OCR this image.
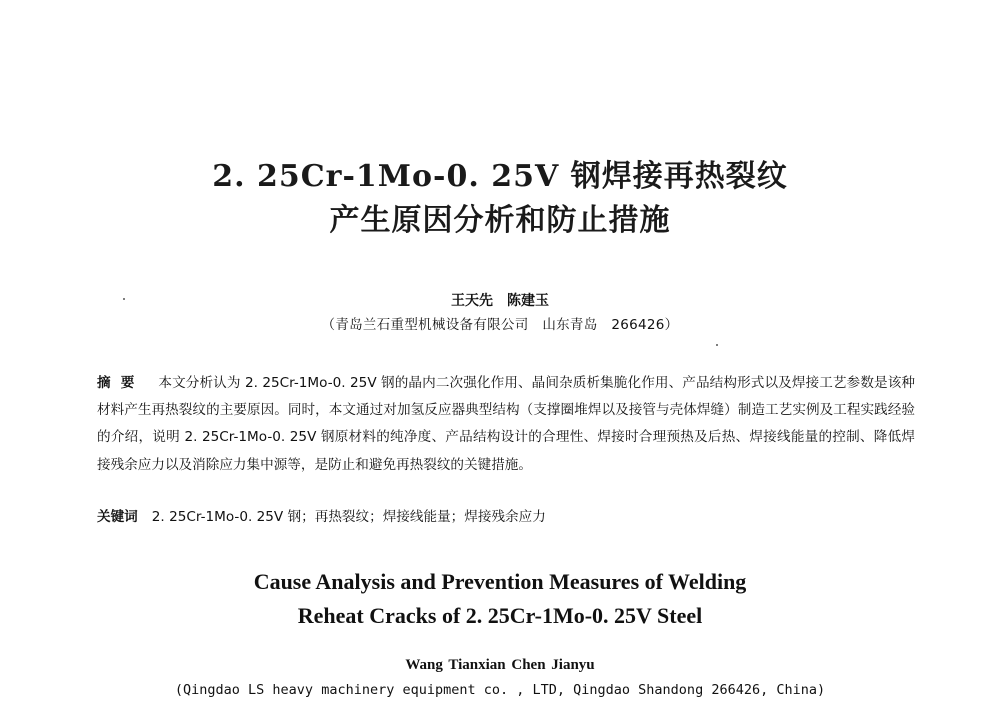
2. 25Cr-1Mo-0. 25V 钢焊接再热裂纹
产生原因分析和防止措施
王天先　陈建玉
（青岛兰石重型机械设备有限公司　山东青岛　266426）
摘要 本文分析认为 2. 25Cr-1Mo-0. 25V 钢的晶内二次强化作用、晶间杂质析集脆化作用、产品结构形式以及焊接工艺参数是该种材料产生再热裂纹的主要原因。同时，本文通过对加氢反应器典型结构（支撑圈堆焊以及接管与壳体焊缝）制造工艺实例及工程实践经验的介绍，说明 2. 25Cr-1Mo-0. 25V 钢原材料的纯净度、产品结构设计的合理性、焊接时合理预热及后热、焊接线能量的控制、降低焊接残余应力以及消除应力集中源等，是防止和避免再热裂纹的关键措施。
关键词 2. 25Cr-1Mo-0. 25V 钢；再热裂纹；焊接线能量；焊接残余应力
Cause Analysis and Prevention Measures of Welding
Reheat Cracks of 2. 25Cr-1Mo-0. 25V Steel
Wang Tianxian Chen Jianyu
(Qingdao LS heavy machinery equipment co. , LTD, Qingdao Shandong 266426, China)
